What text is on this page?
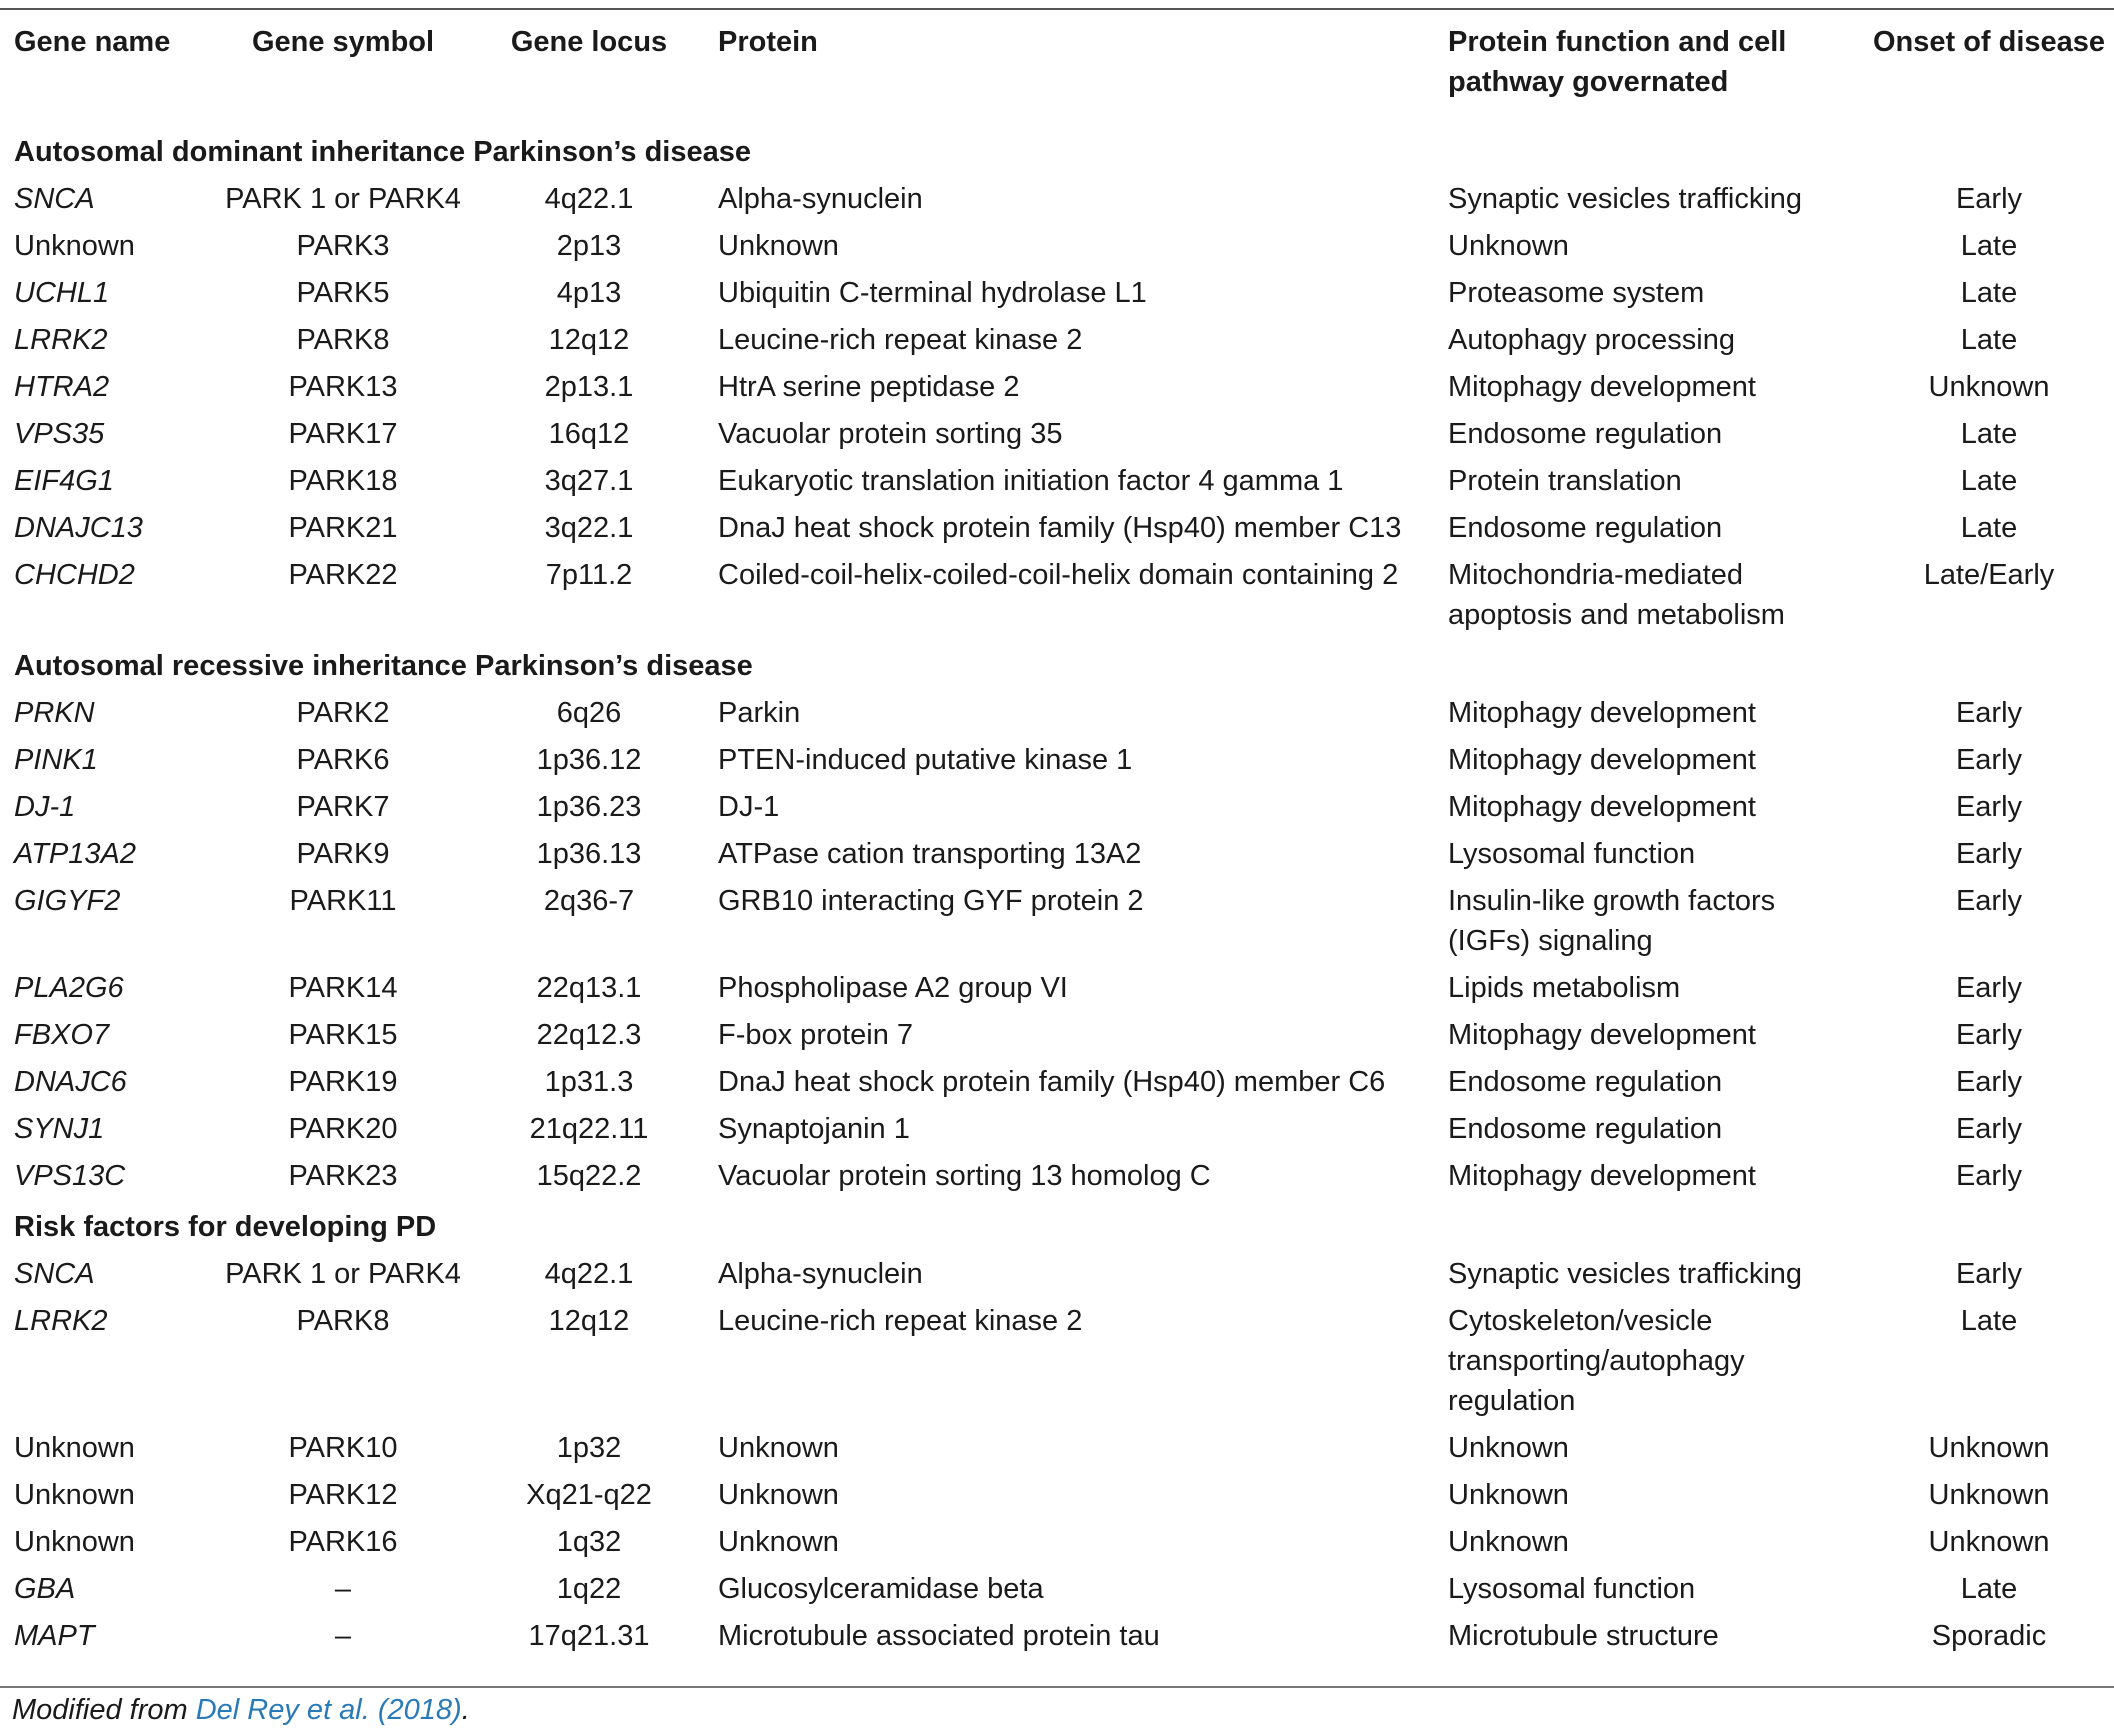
Gene name	Gene symbol	Gene locus	Protein	Protein function and cell
pathway governated	Onset of disease
Autosomal dominant inheritance Parkinson’s disease					
SNCA	PARK 1 or PARK4	4q22.1	Alpha-synuclein	Synaptic vesicles trafficking	Early
Unknown	PARK3	2p13	Unknown	Unknown	Late
UCHL1	PARK5	4p13	Ubiquitin C-terminal hydrolase L1	Proteasome system	Late
LRRK2	PARK8	12q12	Leucine-rich repeat kinase 2	Autophagy processing	Late
HTRA2	PARK13	2p13.1	HtrA serine peptidase 2	Mitophagy development	Unknown
VPS35	PARK17	16q12	Vacuolar protein sorting 35	Endosome regulation	Late
EIF4G1	PARK18	3q27.1	Eukaryotic translation initiation factor 4 gamma 1	Protein translation	Late
DNAJC13	PARK21	3q22.1	DnaJ heat shock protein family (Hsp40) member C13	Endosome regulation	Late
CHCHD2	PARK22	7p11.2	Coiled-coil-helix-coiled-coil-helix domain containing 2	Mitochondria-mediated apoptosis and metabolism	Late/Early
Autosomal recessive inheritance Parkinson’s disease					
PRKN	PARK2	6q26	Parkin	Mitophagy development	Early
PINK1	PARK6	1p36.12	PTEN-induced putative kinase 1	Mitophagy development	Early
DJ-1	PARK7	1p36.23	DJ-1	Mitophagy development	Early
ATP13A2	PARK9	1p36.13	ATPase cation transporting 13A2	Lysosomal function	Early
GIGYF2	PARK11	2q36-7	GRB10 interacting GYF protein 2	Insulin-like growth factors (IGFs) signaling	Early
PLA2G6	PARK14	22q13.1	Phospholipase A2 group VI	Lipids metabolism	Early
FBXO7	PARK15	22q12.3	F-box protein 7	Mitophagy development	Early
DNAJC6	PARK19	1p31.3	DnaJ heat shock protein family (Hsp40) member C6	Endosome regulation	Early
SYNJ1	PARK20	21q22.11	Synaptojanin 1	Endosome regulation	Early
VPS13C	PARK23	15q22.2	Vacuolar protein sorting 13 homolog C	Mitophagy development	Early
Risk factors for developing PD					
SNCA	PARK 1 or PARK4	4q22.1	Alpha-synuclein	Synaptic vesicles trafficking	Early
LRRK2	PARK8	12q12	Leucine-rich repeat kinase 2	Cytoskeleton/vesicle transporting/autophagy regulation	Late
Unknown	PARK10	1p32	Unknown	Unknown	Unknown
Unknown	PARK12	Xq21-q22	Unknown	Unknown	Unknown
Unknown	PARK16	1q32	Unknown	Unknown	Unknown
GBA	–	1q22	Glucosylceramidase beta	Lysosomal function	Late
MAPT	–	17q21.31	Microtubule associated protein tau	Microtubule structure	Sporadic
Modified from Del Rey et al. (2018).
